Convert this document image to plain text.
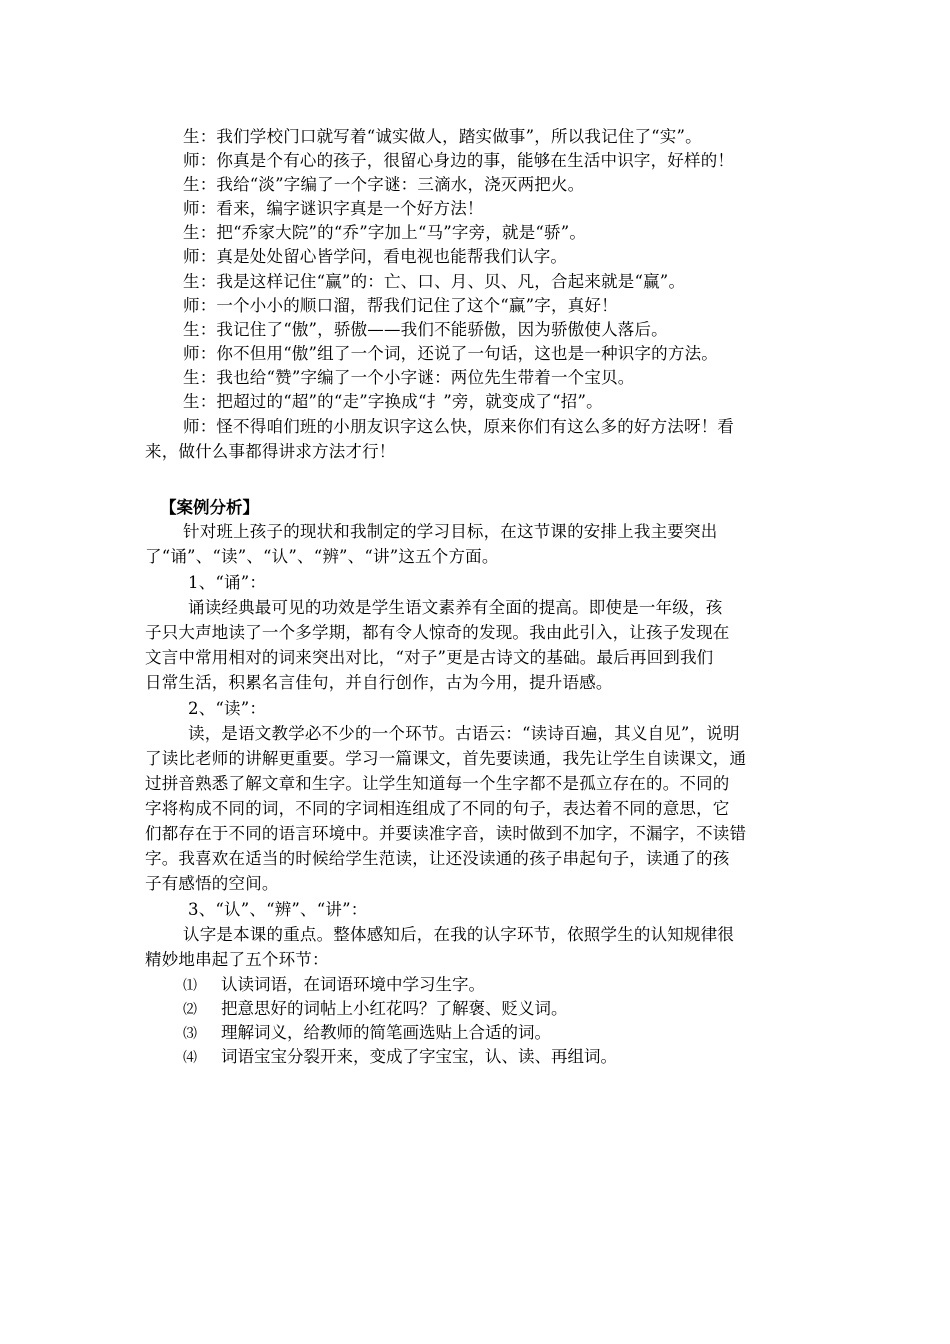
生：我们学校门口就写着“诚实做人，踏实做事”，所以我记住了“实”。
师：你真是个有心的孩子，很留心身边的事，能够在生活中识字，好样的！
生：我给“淡”字编了一个字谜：三滴水，浇灭两把火。
师：看来，编字谜识字真是一个好方法！
生：把“乔家大院”的“乔”字加上“马”字旁，就是“骄”。
师：真是处处留心皆学问，看电视也能帮我们认字。
生：我是这样记住“赢”的：亡、口、月、贝、凡，合起来就是“赢”。
师：一个小小的顺口溜，帮我们记住了这个“赢”字，真好！
生：我记住了“傲”，骄傲——我们不能骄傲，因为骄傲使人落后。
师：你不但用“傲”组了一个词，还说了一句话，这也是一种识字的方法。
生：我也给“赞”字编了一个小字谜：两位先生带着一个宝贝。
生：把超过的“超”的“走”字换成“扌”旁，就变成了“招”。
师：怪不得咱们班的小朋友识字这么快，原来你们有这么多的好方法呀！看
来，做什么事都得讲求方法才行！
【案例分析】
针对班上孩子的现状和我制定的学习目标，在这节课的安排上我主要突出
了“诵”、“读”、“认”、“辨”、“讲”这五个方面。
1、“诵”：
诵读经典最可见的功效是学生语文素养有全面的提高。即使是一年级，孩
子只大声地读了一个多学期，都有令人惊奇的发现。我由此引入，让孩子发现在
文言中常用相对的词来突出对比，“对子”更是古诗文的基础。最后再回到我们
日常生活，积累名言佳句，并自行创作，古为今用，提升语感。
2、“读”：
读，是语文教学必不少的一个环节。古语云：“读诗百遍，其义自见”，说明
了读比老师的讲解更重要。学习一篇课文，首先要读通，我先让学生自读课文，通
过拼音熟悉了解文章和生字。让学生知道每一个生字都不是孤立存在的。不同的
字将构成不同的词，不同的字词相连组成了不同的句子，表达着不同的意思，它
们都存在于不同的语言环境中。并要读准字音，读时做到不加字，不漏字，不读错
字。我喜欢在适当的时候给学生范读，让还没读通的孩子串起句子，读通了的孩
子有感悟的空间。
3、“认”、“辨”、“讲”：
认字是本课的重点。整体感知后，在我的认字环节，依照学生的认知规律很
精妙地串起了五个环节：
⑴ 认读词语，在词语环境中学习生字。
⑵ 把意思好的词帖上小红花吗？了解褒、贬义词。
⑶ 理解词义，给教师的简笔画选贴上合适的词。
⑷ 词语宝宝分裂开来，变成了字宝宝，认、读、再组词。
